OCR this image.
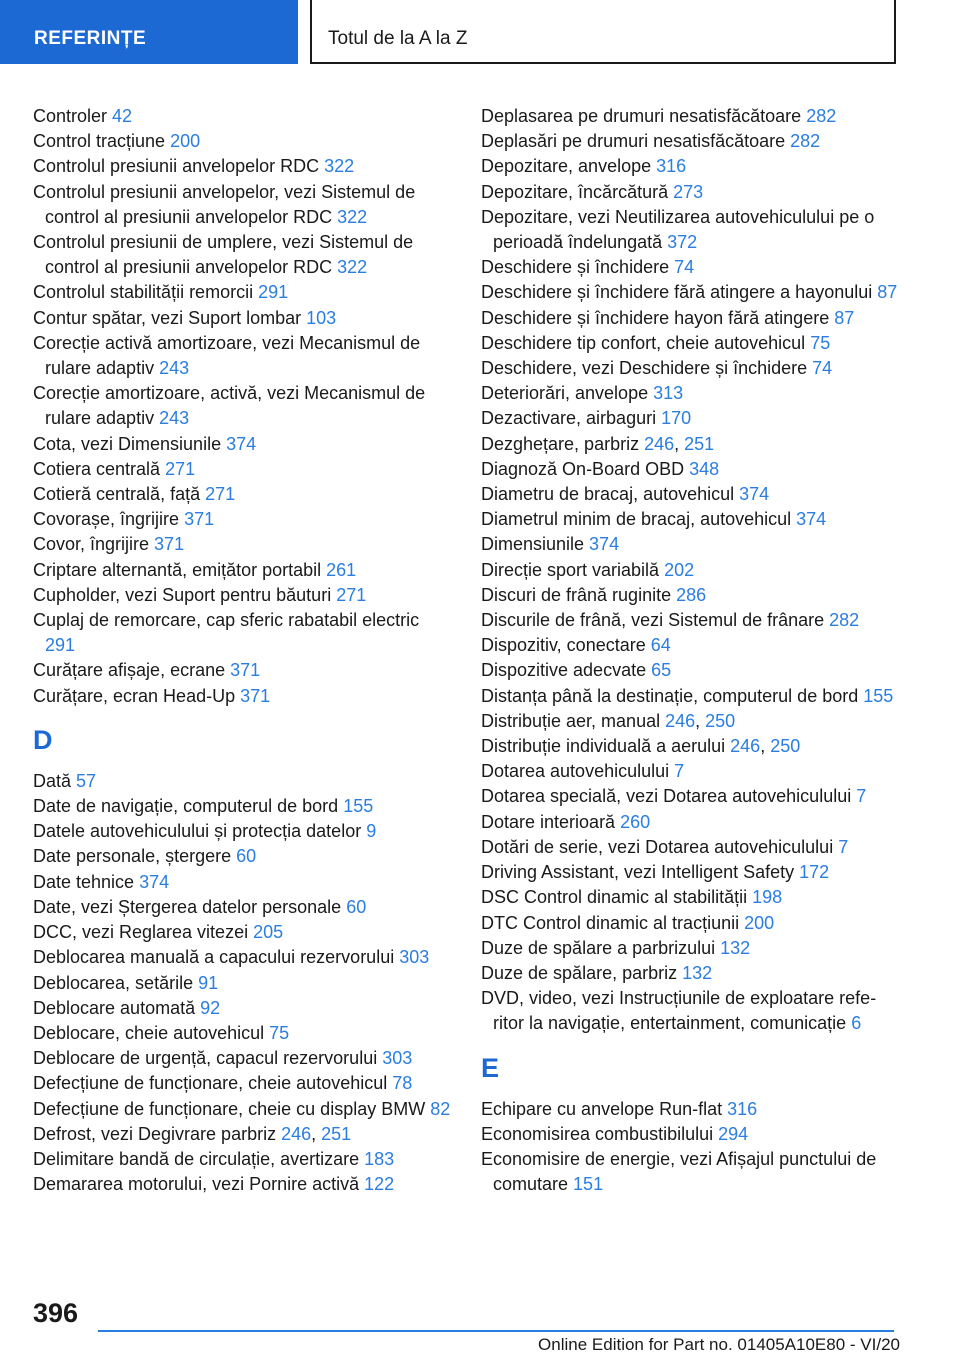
REFERINȚE	Totul de la A la Z
Controler 42
Control tracțiune 200
Controlul presiunii anvelopelor RDC 322
Controlul presiunii anvelopelor, vezi Sistemul de control al presiunii anvelopelor RDC 322
Controlul presiunii de umplere, vezi Sistemul de control al presiunii anvelopelor RDC 322
Controlul stabilității remorcii 291
Contur spătar, vezi Suport lombar 103
Corecție activă amortizoare, vezi Mecanismul de rulare adaptiv 243
Corecție amortizoare, activă, vezi Mecanismul de rulare adaptiv 243
Cota, vezi Dimensiunile 374
Cotiera centrală 271
Cotieră centrală, față 271
Covorașe, îngrijire 371
Covor, îngrijire 371
Criptare alternantă, emițător portabil 261
Cupholder, vezi Suport pentru băuturi 271
Cuplaj de remorcare, cap sferic rabatabil electric 291
Curățare afișaje, ecrane 371
Curățare, ecran Head-Up 371
D
Dată 57
Date de navigație, computerul de bord 155
Datele autovehiculului și protecția datelor 9
Date personale, ștergere 60
Date tehnice 374
Date, vezi Ștergerea datelor personale 60
DCC, vezi Reglarea vitezei 205
Deblocarea manuală a capacului rezervorului 303
Deblocarea, setările 91
Deblocare automată 92
Deblocare, cheie autovehicul 75
Deblocare de urgență, capacul rezervorului 303
Defecțiune de funcționare, cheie autovehicul 78
Defecțiune de funcționare, cheie cu display BMW 82
Defrost, vezi Degivrare parbriz 246, 251
Delimitare bandă de circulație, avertizare 183
Demararea motorului, vezi Pornire activă 122
Deplasarea pe drumuri nesatisfăcătoare 282
Deplasări pe drumuri nesatisfăcătoare 282
Depozitare, anvelope 316
Depozitare, încărcătură 273
Depozitare, vezi Neutilizarea autovehiculului pe o perioadă îndelungată 372
Deschidere și închidere 74
Deschidere și închidere fără atingere a hayonului 87
Deschidere și închidere hayon fără atingere 87
Deschidere tip confort, cheie autovehicul 75
Deschidere, vezi Deschidere și închidere 74
Deteriorări, anvelope 313
Dezactivare, airbaguri 170
Dezghețare, parbriz 246, 251
Diagnoză On-Board OBD 348
Diametru de bracaj, autovehicul 374
Diametrul minim de bracaj, autovehicul 374
Dimensiunile 374
Direcție sport variabilă 202
Discuri de frână ruginite 286
Discurile de frână, vezi Sistemul de frânare 282
Dispozitiv, conectare 64
Dispozitive adecvate 65
Distanța până la destinație, computerul de bord 155
Distribuție aer, manual 246, 250
Distribuție individuală a aerului 246, 250
Dotarea autovehiculului 7
Dotarea specială, vezi Dotarea autovehiculului 7
Dotare interioară 260
Dotări de serie, vezi Dotarea autovehiculului 7
Driving Assistant, vezi Intelligent Safety 172
DSC Control dinamic al stabilității 198
DTC Control dinamic al tracțiunii 200
Duze de spălare a parbrizului 132
Duze de spălare, parbriz 132
DVD, video, vezi Instrucțiunile de exploatare referitor la navigație, entertainment, comunicație 6
E
Echipare cu anvelope Run-flat 316
Economisirea combustibilului 294
Economisire de energie, vezi Afișajul punctului de comutare 151
396
Online Edition for Part no. 01405A10E80 - VI/20
